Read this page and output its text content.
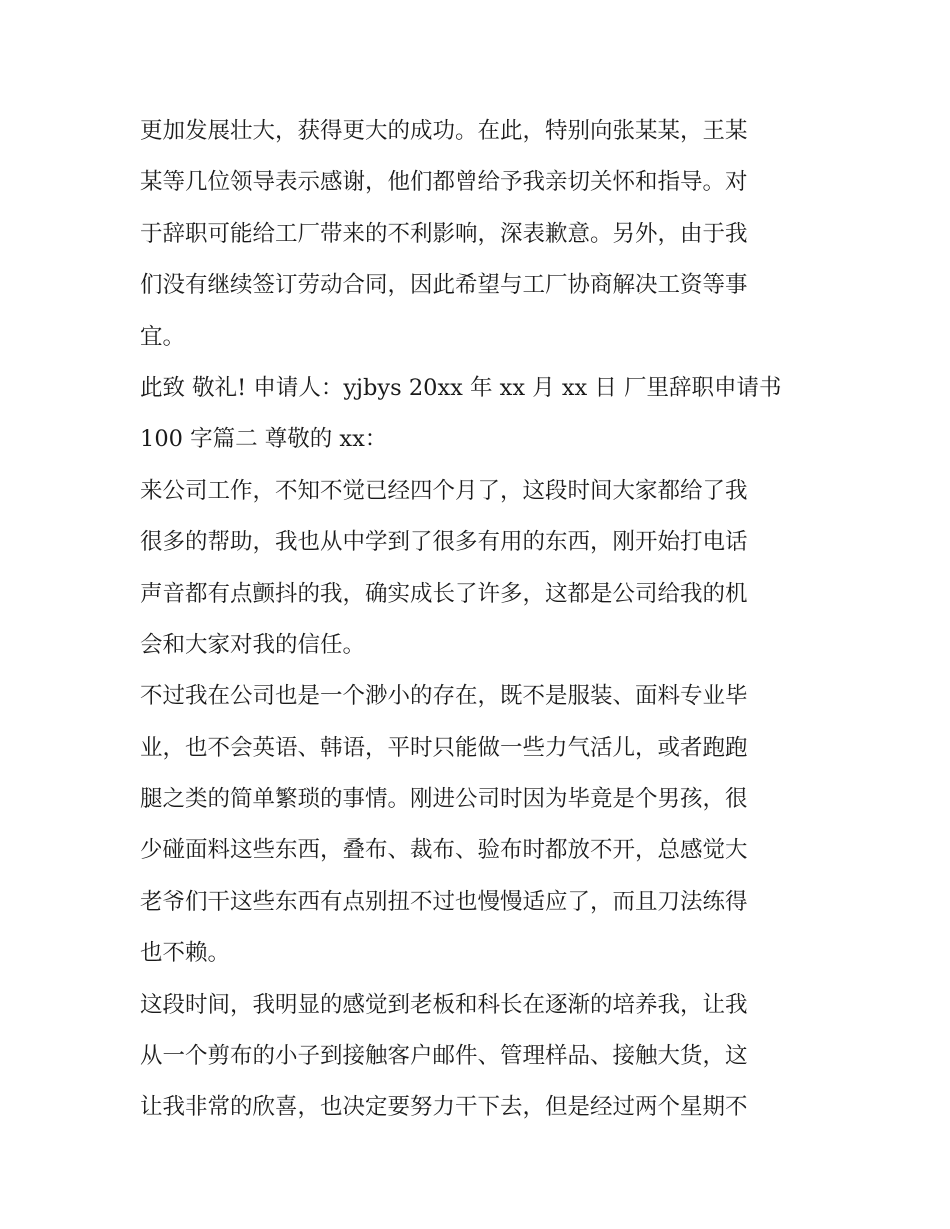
更加发展壮大，获得更大的成功。在此，特别向张某某，王某
某等几位领导表示感谢，他们都曾给予我亲切关怀和指导。对
于辞职可能给工厂带来的不利影响，深表歉意。另外，由于我
们没有继续签订劳动合同，因此希望与工厂协商解决工资等事
宜。
此致 敬礼! 申请人：yjbys 20xx 年 xx 月 xx 日 厂里辞职申请书
100 字篇二 尊敬的 xx：
来公司工作，不知不觉已经四个月了，这段时间大家都给了我
很多的帮助，我也从中学到了很多有用的东西，刚开始打电话
声音都有点颤抖的我，确实成长了许多，这都是公司给我的机
会和大家对我的信任。
不过我在公司也是一个渺小的存在，既不是服装、面料专业毕
业，也不会英语、韩语，平时只能做一些力气活儿，或者跑跑
腿之类的简单繁琐的事情。刚进公司时因为毕竟是个男孩，很
少碰面料这些东西，叠布、裁布、验布时都放不开，总感觉大
老爷们干这些东西有点别扭不过也慢慢适应了，而且刀法练得
也不赖。
这段时间，我明显的感觉到老板和科长在逐渐的培养我，让我
从一个剪布的小子到接触客户邮件、管理样品、接触大货，这
让我非常的欣喜，也决定要努力干下去，但是经过两个星期不
